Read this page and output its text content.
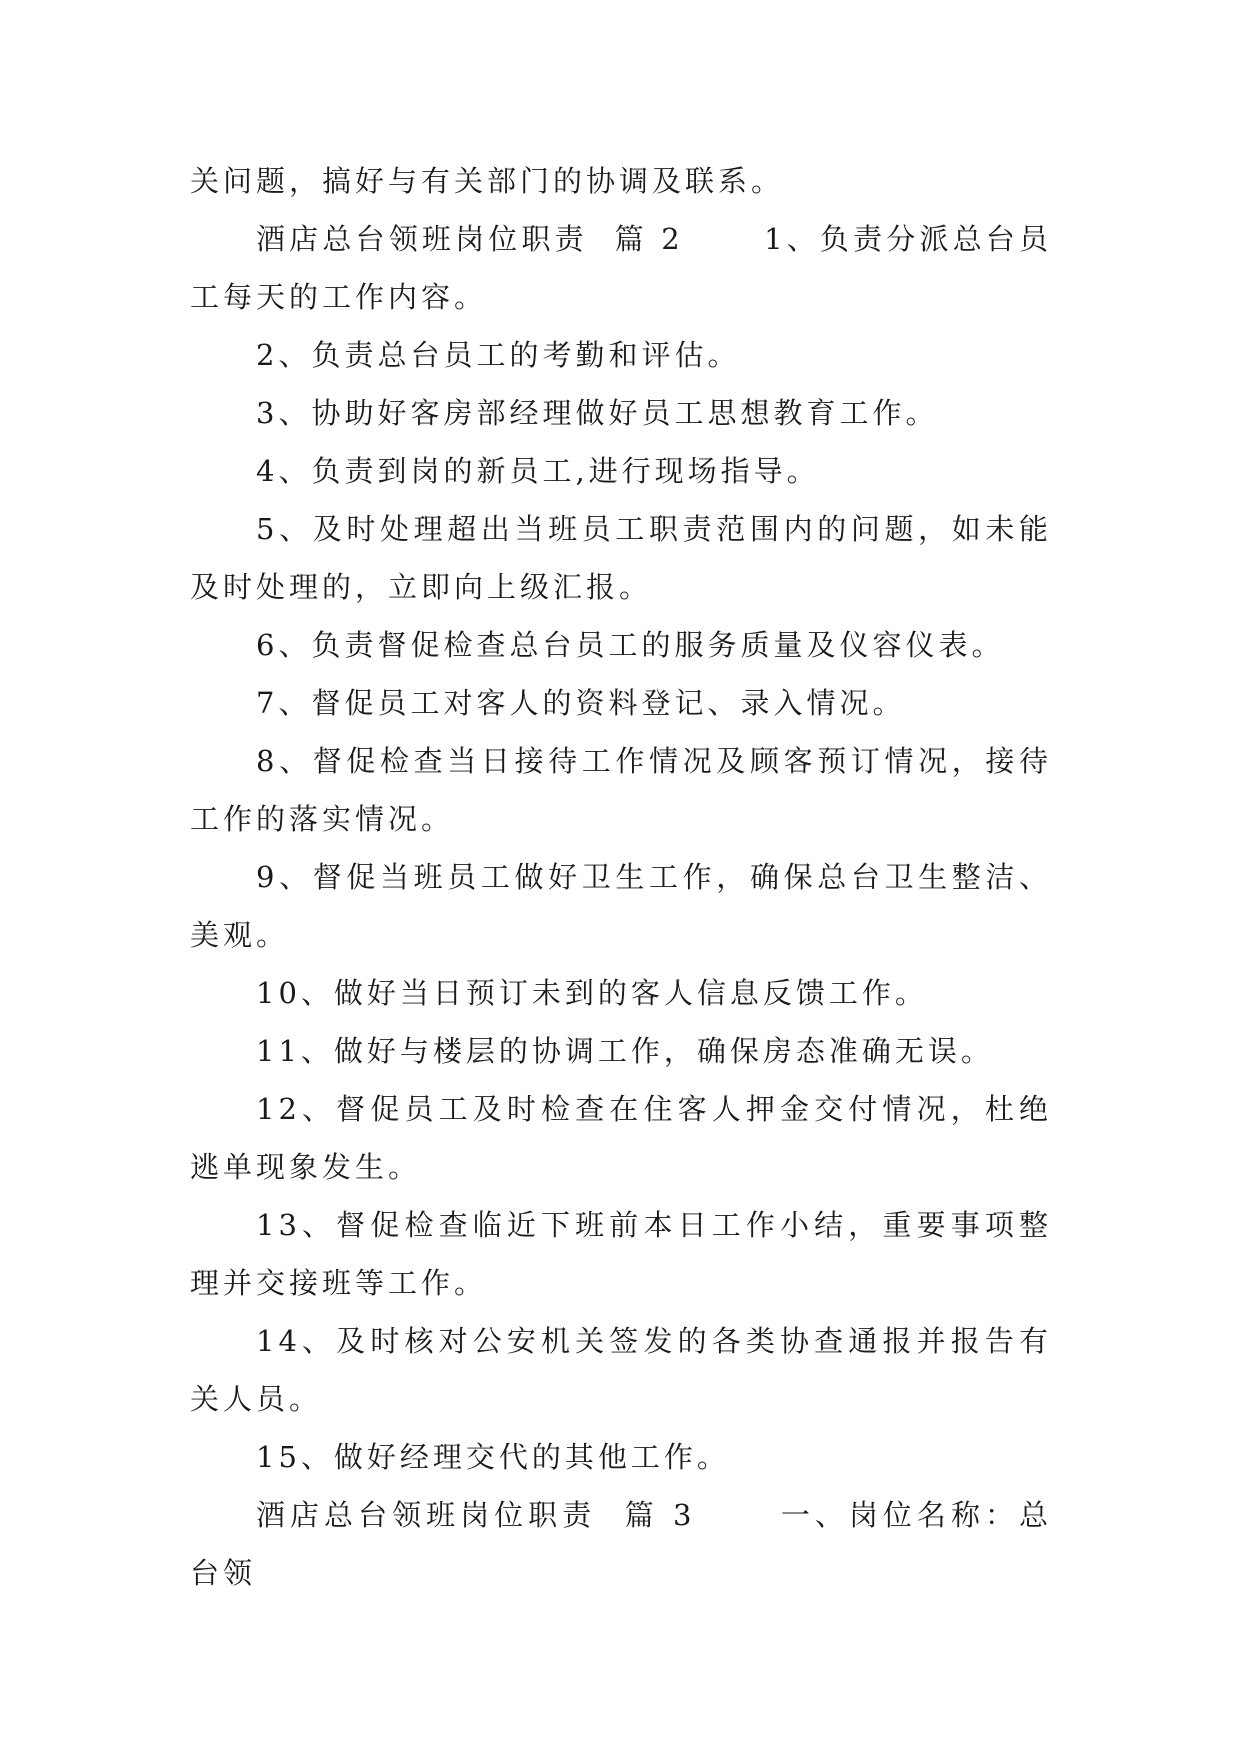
关问题，搞好与有关部门的协调及联系。

酒店总台领班岗位职责  篇 2      1、负责分派总台员工每天的工作内容。

2、负责总台员工的考勤和评估。

3、协助好客房部经理做好员工思想教育工作。

4、负责到岗的新员工,进行现场指导。

5、及时处理超出当班员工职责范围内的问题，如未能及时处理的，立即向上级汇报。

6、负责督促检查总台员工的服务质量及仪容仪表。

7、督促员工对客人的资料登记、录入情况。

8、督促检查当日接待工作情况及顾客预订情况，接待工作的落实情况。

9、督促当班员工做好卫生工作，确保总台卫生整洁、美观。

10、做好当日预订未到的客人信息反馈工作。

11、做好与楼层的协调工作，确保房态准确无误。

12、督促员工及时检查在住客人押金交付情况，杜绝逃单现象发生。

13、督促检查临近下班前本日工作小结，重要事项整理并交接班等工作。

14、及时核对公安机关签发的各类协查通报并报告有关人员。

15、做好经理交代的其他工作。

酒店总台领班岗位职责  篇 3      一、岗位名称：总台领
